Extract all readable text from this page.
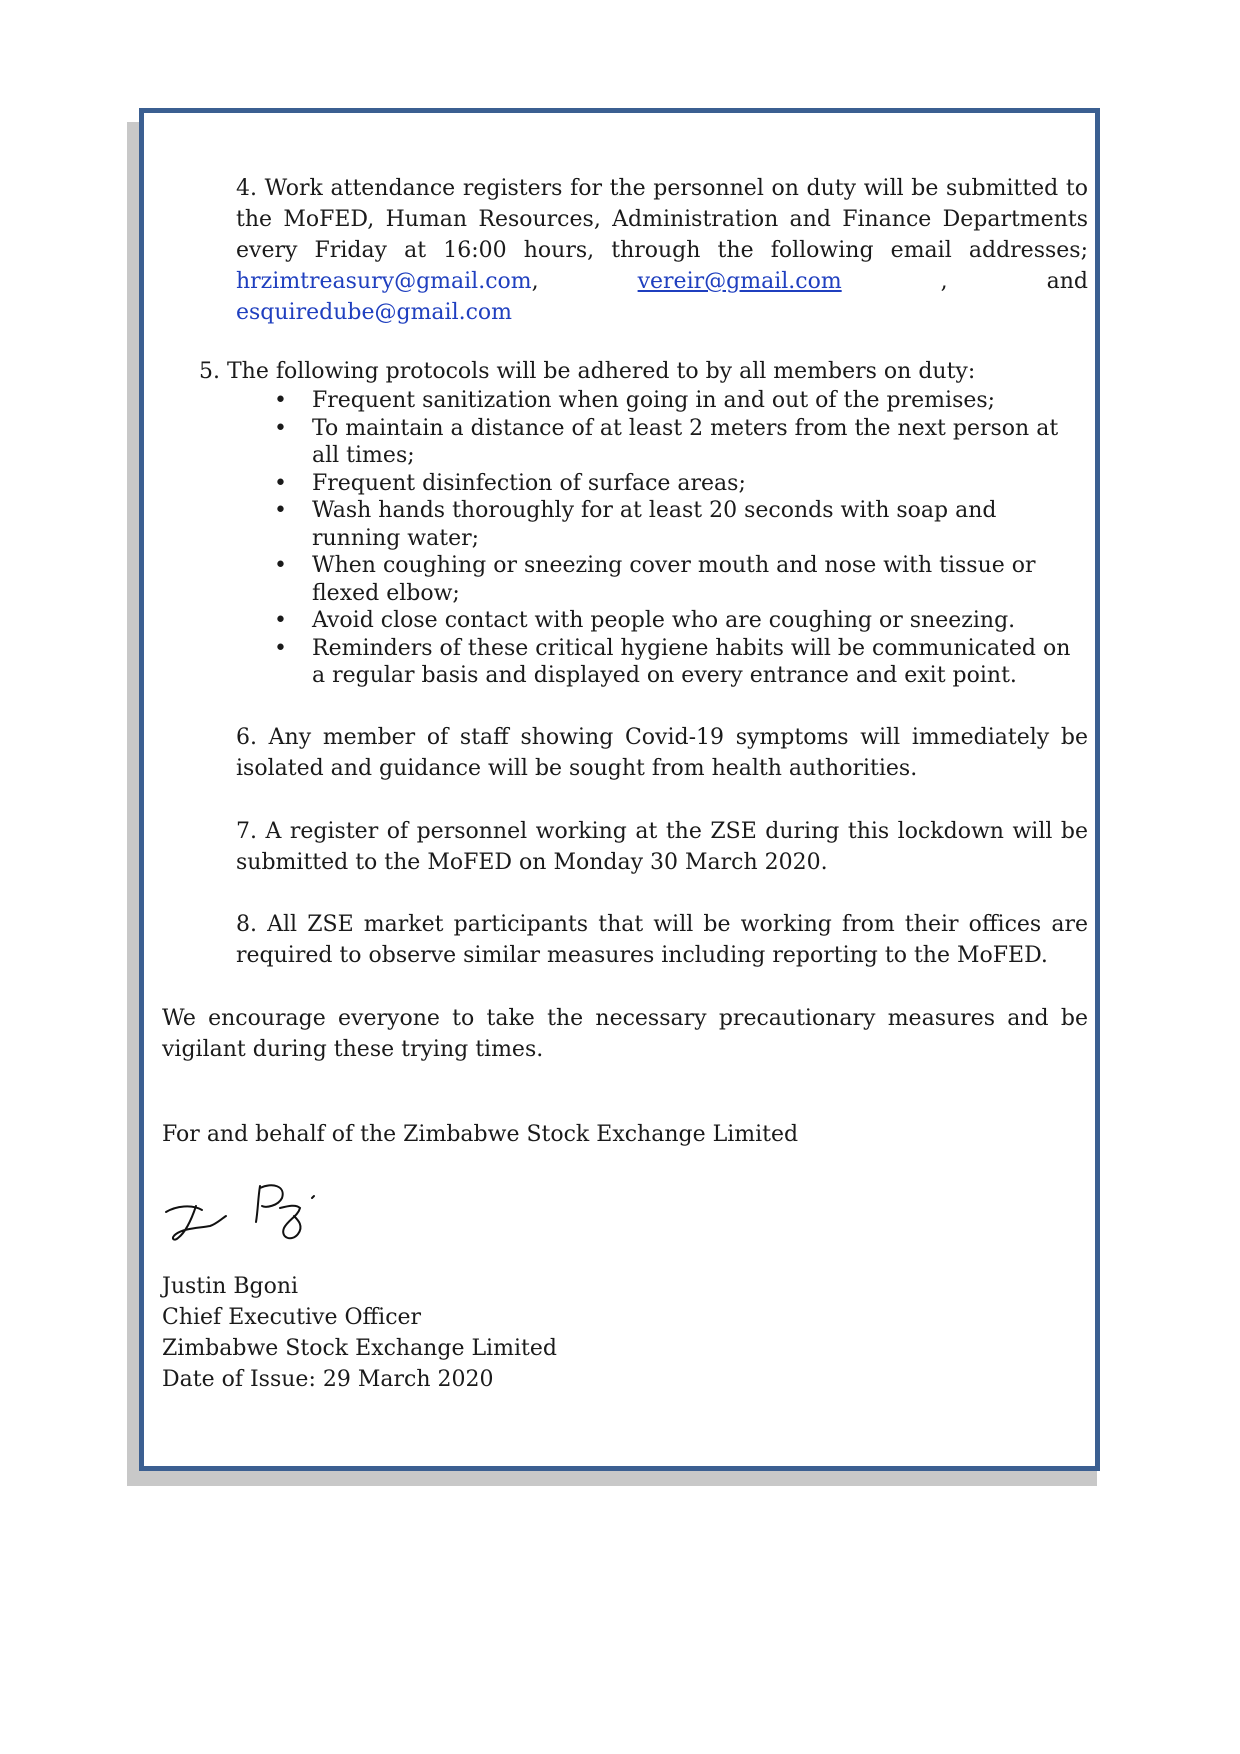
4. Work attendance registers for the personnel on duty will be submitted to the MoFED, Human Resources, Administration and Finance Departments every Friday at 16:00 hours, through the following email addresses; hrzimtreasury@gmail.com,	vereir@gmail.com	, and esquiredube@gmail.com

5. The following protocols will be adhered to by all members on duty:

• Frequent sanitization when going in and out of the premises;
• To maintain a distance of at least 2 meters from the next person at all times;
• Frequent disinfection of surface areas;
• Wash hands thoroughly for at least 20 seconds with soap and running water;
• When coughing or sneezing cover mouth and nose with tissue or flexed elbow;
• Avoid close contact with people who are coughing or sneezing.
• Reminders of these critical hygiene habits will be communicated on a regular basis and displayed on every entrance and exit point.

6. Any member of staff showing Covid-19 symptoms will immediately be isolated and guidance will be sought from health authorities.

7. A register of personnel working at the ZSE during this lockdown will be submitted to the MoFED on Monday 30 March 2020.

8. All ZSE market participants that will be working from their offices are required to observe similar measures including reporting to the MoFED.

We encourage everyone to take the necessary precautionary measures and be vigilant during these trying times.

For and behalf of the Zimbabwe Stock Exchange Limited

Justin Bgoni

Chief Executive Officer

Zimbabwe Stock Exchange Limited

Date of Issue: 29 March 2020
